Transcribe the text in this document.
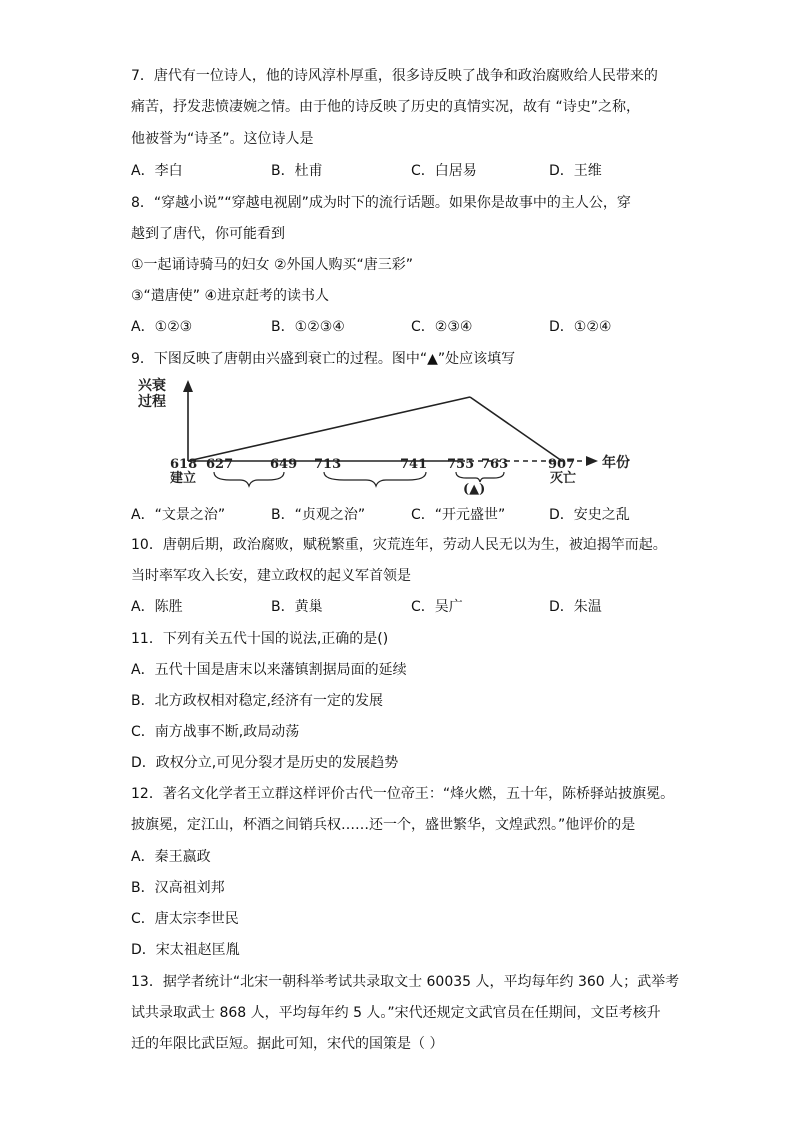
7．唐代有一位诗人，他的诗风淳朴厚重，很多诗反映了战争和政治腐败给人民带来的
痛苦，抒发悲愤凄婉之情。由于他的诗反映了历史的真情实况，故有 “诗史”之称，
他被誉为“诗圣”。这位诗人是
A．李白	B．杜甫	C．白居易	D．王维
8．“穿越小说”“穿越电视剧”成为时下的流行话题。如果你是故事中的主人公，穿
越到了唐代，你可能看到
①一起诵诗骑马的妇女 ②外国人购买“唐三彩”
③“遣唐使” ④进京赶考的读书人
A．①②③	B．①②③④	C．②③④	D．①②④
9．下图反映了唐朝由兴盛到衰亡的过程。图中“▲”处应该填写
兴衰
过程
年份
618 627	649 713	741 755 763	907
建立	灭亡
(▲)
A．“文景之治”	B．“贞观之治”	C．“开元盛世”	D．安史之乱
10．唐朝后期，政治腐败，赋税繁重，灾荒连年，劳动人民无以为生，被迫揭竿而起。
当时率军攻入长安，建立政权的起义军首领是
A．陈胜	B．黄巢	C．吴广	D．朱温
11．下列有关五代十国的说法,正确的是()
A．五代十国是唐末以来藩镇割据局面的延续
B．北方政权相对稳定,经济有一定的发展
C．南方战事不断,政局动荡
D．政权分立,可见分裂才是历史的发展趋势
12．著名文化学者王立群这样评价古代一位帝王：“烽火燃，五十年，陈桥驿站披旗冕。
披旗冕，定江山，杯酒之间销兵权……还一个，盛世繁华，文煌武烈。”他评价的是
A．秦王嬴政
B．汉高祖刘邦
C．唐太宗李世民
D．宋太祖赵匡胤
13．据学者统计“北宋一朝科举考试共录取文士 60035 人，平均每年约 360 人；武举考
试共录取武士 868 人，平均每年约 5 人。”宋代还规定文武官员在任期间，文臣考核升
迁的年限比武臣短。据此可知，宋代的国策是（ ）
